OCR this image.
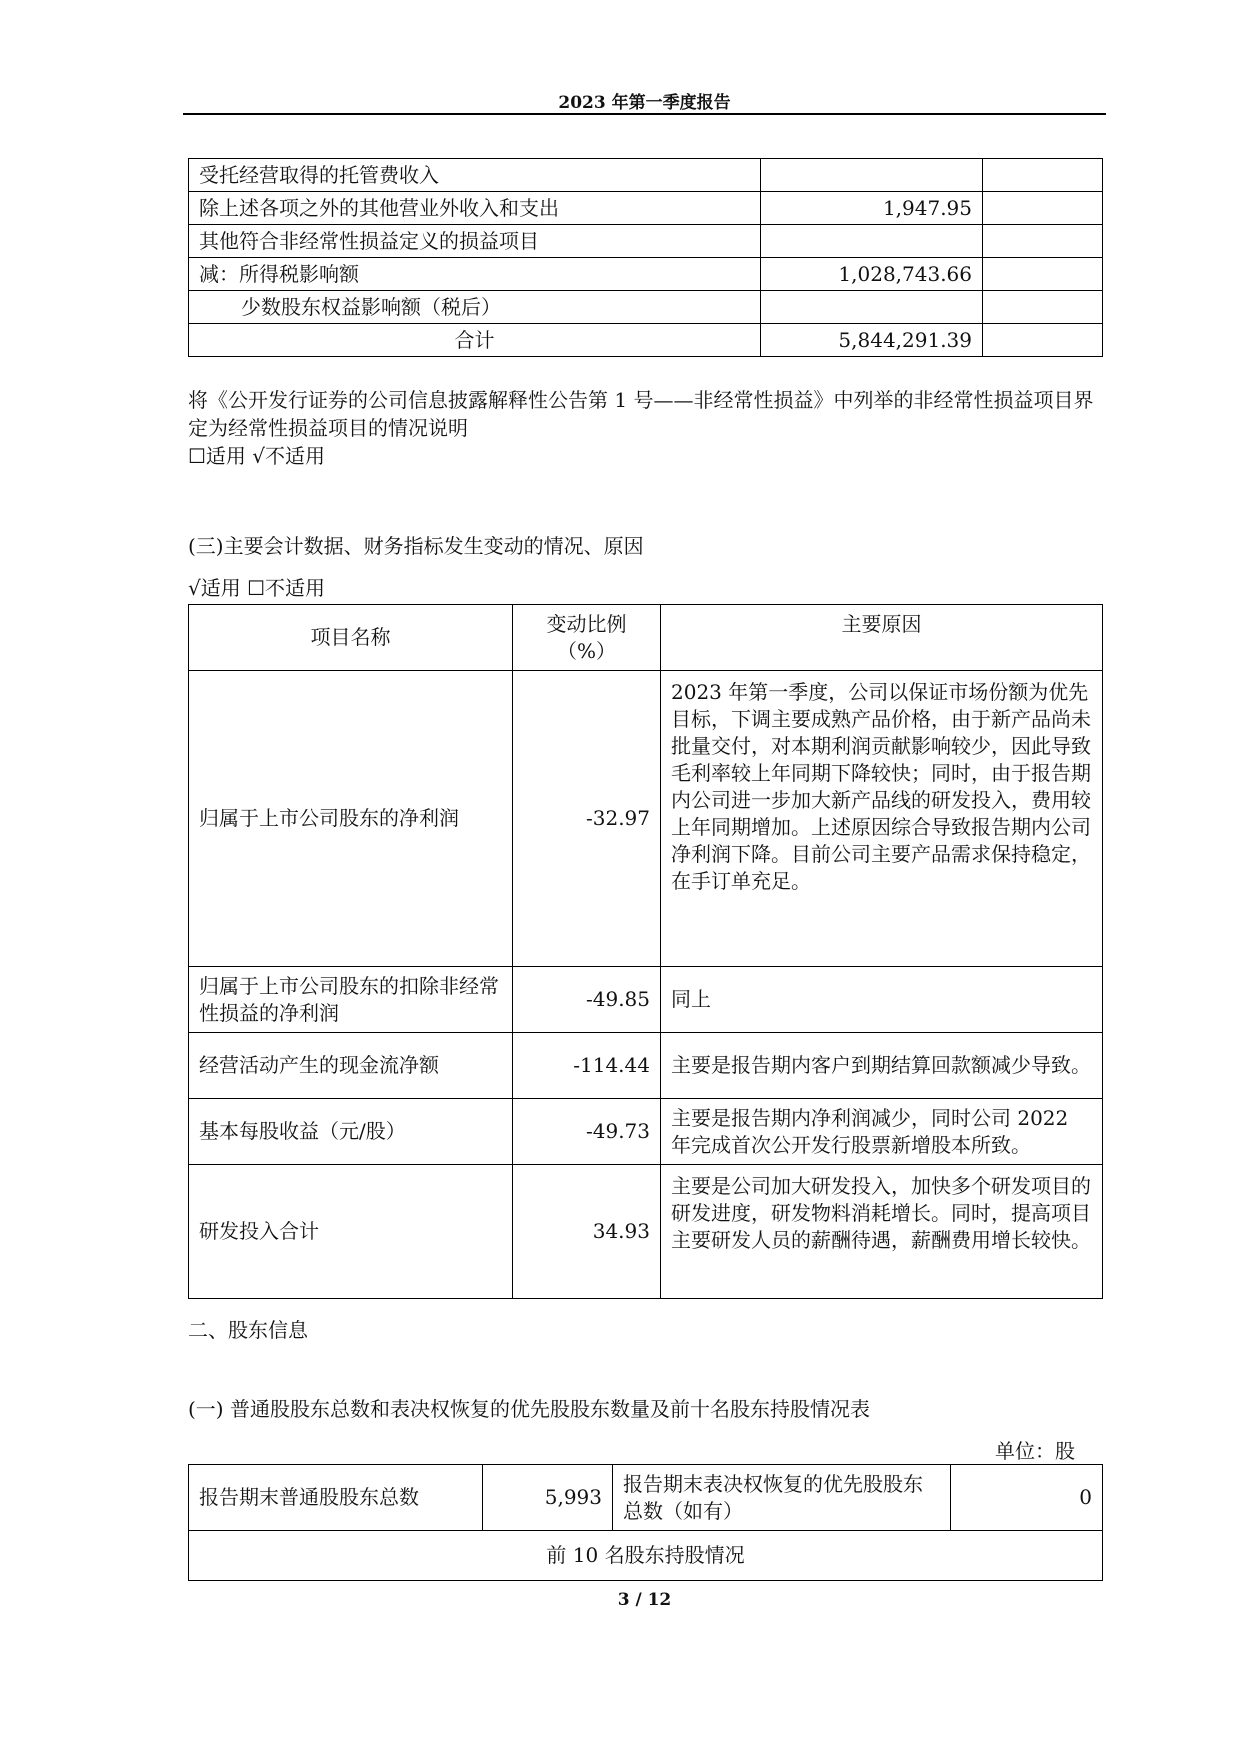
2023 年第一季度报告
受托经营取得的托管费收入		
除上述各项之外的其他营业外收入和支出	1,947.95	
其他符合非经常性损益定义的损益项目		
减：所得税影响额	1,028,743.66	
少数股东权益影响额（税后）		
合计	5,844,291.39	
将《公开发行证券的公司信息披露解释性公告第 1 号——非经常性损益》中列举的非经常性损益项目界定为经常性损益项目的情况说明
☐适用 √不适用
(三)主要会计数据、财务指标发生变动的情况、原因
√适用 ☐不适用
项目名称	变动比例（%）	主要原因
归属于上市公司股东的净利润	-32.97	2023 年第一季度，公司以保证市场份额为优先目标，下调主要成熟产品价格，由于新产品尚未批量交付，对本期利润贡献影响较少，因此导致毛利率较上年同期下降较快；同时，由于报告期内公司进一步加大新产品线的研发投入，费用较上年同期增加。上述原因综合导致报告期内公司净利润下降。目前公司主要产品需求保持稳定，在手订单充足。
归属于上市公司股东的扣除非经常性损益的净利润	-49.85	同上
经营活动产生的现金流净额	-114.44	主要是报告期内客户到期结算回款额减少导致。
基本每股收益（元/股）	-49.73	主要是报告期内净利润减少，同时公司 2022 年完成首次公开发行股票新增股本所致。
研发投入合计	34.93	主要是公司加大研发投入，加快多个研发项目的研发进度，研发物料消耗增长。同时，提高项目主要研发人员的薪酬待遇，薪酬费用增长较快。
二、股东信息
(一) 普通股股东总数和表决权恢复的优先股股东数量及前十名股东持股情况表
单位：股
报告期末普通股股东总数	5,993	报告期末表决权恢复的优先股股东总数（如有）	0
前 10 名股东持股情况
3 / 12
